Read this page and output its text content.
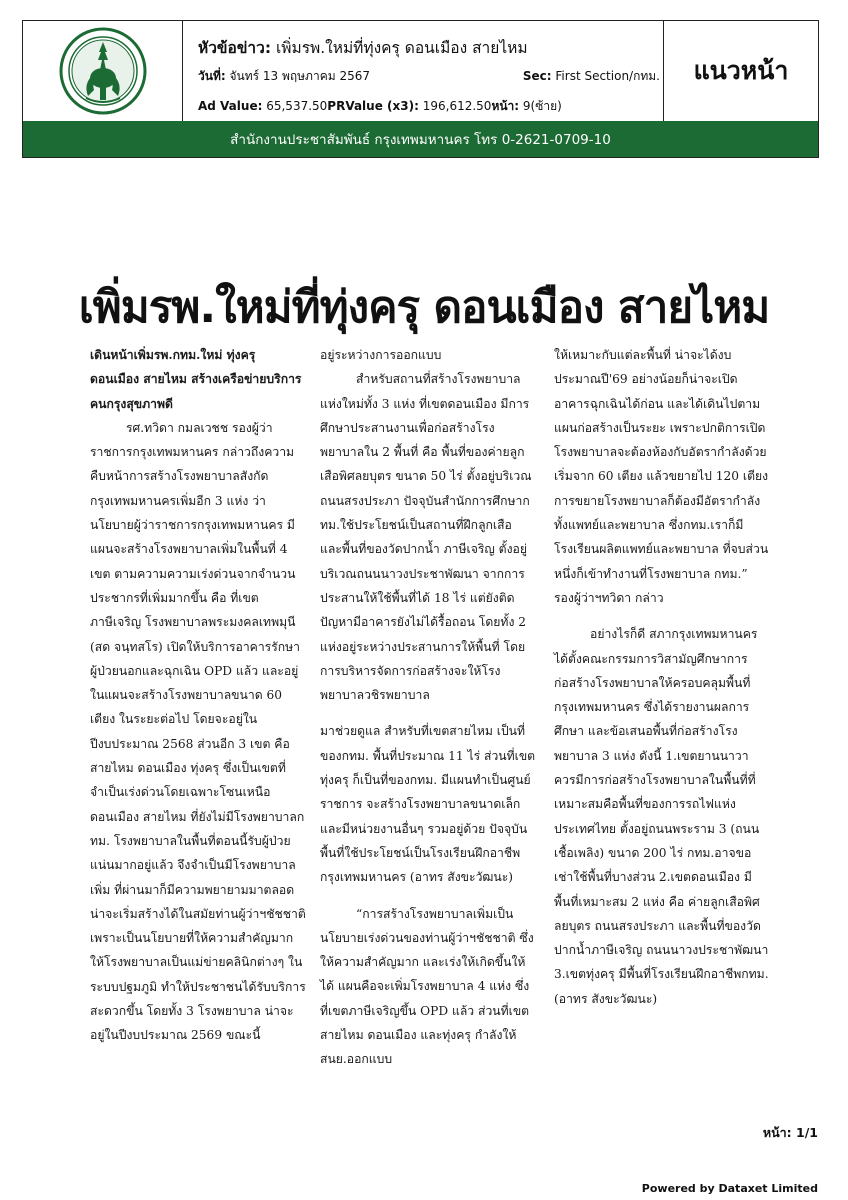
หัวข้อข่าว: เพิ่มรพ.ใหม่ที่ทุ่งครุ ดอนเมือง สายไหม
วันที่: จันทร์ 13 พฤษภาคม 2567	Sec: First Section/กทม.
Ad Value: 65,537.50PRValue (x3): 196,612.50หน้า: 9(ซ้าย)
แนวหน้า
สำนักงานประชาสัมพันธ์ กรุงเทพมหานคร โทร 0-2621-0709-10
เพิ่มรพ.ใหม่ที่ทุ่งครุ ดอนเมือง สายไหม

เดินหน้าเพิ่มรพ.กทม.ใหม่ ทุ่งครุ ดอนเมือง สายไหม สร้างเครือข่ายบริการคนกรุงสุขภาพดี

รศ.ทวิดา กมลเวชช รองผู้ว่าราชการกรุงเทพมหานคร กล่าวถึงความคืบหน้าการสร้างโรงพยาบาลสังกัดกรุงเทพมหานครเพิ่มอีก 3 แห่ง ว่า นโยบายผู้ว่าราชการกรุงเทพมหานคร มีแผนจะสร้างโรงพยาบาลเพิ่มในพื้นที่ 4 เขต ตามความความเร่งด่วนจากจำนวนประชากรที่เพิ่มมากขึ้น คือ ที่เขตภาษีเจริญ โรงพยาบาลพระมงคลเทพมุนี (สด จนฺทสโร) เปิดให้บริการอาคารรักษาผู้ป่วยนอกและฉุกเฉิน OPD แล้ว และอยู่ในแผนจะสร้างโรงพยาบาลขนาด 60 เตียง ในระยะต่อไป โดยจะอยู่ในปีงบประมาณ 2568 ส่วนอีก 3 เขต คือ สายไหม ดอนเมือง ทุ่งครุ ซึ่งเป็นเขตที่จำเป็นเร่งด่วนโดยเฉพาะโซนเหนือ ดอนเมือง สายไหม ที่ยังไม่มีโรงพยาบาลกทม. โรงพยาบาลในพื้นที่ตอนนี้รับผู้ป่วยแน่นมากอยู่แล้ว จึงจำเป็นมีโรงพยาบาลเพิ่ม ที่ผ่านมาก็มีความพยายามมาตลอด น่าจะเริ่มสร้างได้ในสมัยท่านผู้ว่าฯชัชชาติ เพราะเป็นนโยบายที่ให้ความสำคัญมาก ให้โรงพยาบาลเป็นแม่ข่ายคลินิกต่างๆ ในระบบปฐมภูมิ ทำให้ประชาชนได้รับบริการสะดวกขึ้น โดยทั้ง 3 โรงพยาบาล น่าจะอยู่ในปีงบประมาณ 2569 ขณะนี้

อยู่ระหว่างการออกแบบ

สำหรับสถานที่สร้างโรงพยาบาลแห่งใหม่ทั้ง 3 แห่ง ที่เขตดอนเมือง มีการศึกษาประสานงานเพื่อก่อสร้างโรงพยาบาลใน 2 พื้นที่ คือ พื้นที่ของค่ายลูกเสือพิศลยบุตร ขนาด 50 ไร่ ตั้งอยู่บริเวณถนนสรงประภา ปัจจุบันสำนักการศึกษากทม.ใช้ประโยชน์เป็นสถานที่ฝึกลูกเสือ และพื้นที่ของวัดปากน้ำ ภาษีเจริญ ตั้งอยู่บริเวณถนนนาวงประชาพัฒนา จากการประสานให้ใช้พื้นที่ได้ 18 ไร่ แต่ยังติดปัญหามีอาคารยังไม่ได้รื้อถอน โดยทั้ง 2 แห่งอยู่ระหว่างประสานการให้พื้นที่ โดยการบริหารจัดการก่อสร้างจะให้โรงพยาบาลวชิรพยาบาล

มาช่วยดูแล สำหรับที่เขตสายไหม เป็นที่ของกทม. พื้นที่ประมาณ 11 ไร่ ส่วนที่เขตทุ่งครุ ก็เป็นที่ของกทม. มีแผนทำเป็นศูนย์ราชการ จะสร้างโรงพยาบาลขนาดเล็ก และมีหน่วยงานอื่นๆ รวมอยู่ด้วย ปัจจุบันพื้นที่ใช้ประโยชน์เป็นโรงเรียนฝึกอาชีพกรุงเทพมหานคร (อาทร สังขะวัฒนะ)

“การสร้างโรงพยาบาลเพิ่มเป็นนโยบายเร่งด่วนของท่านผู้ว่าฯชัชชาติ ซึ่งให้ความสำคัญมาก และเร่งให้เกิดขึ้นให้ได้ แผนคือจะเพิ่มโรงพยาบาล 4 แห่ง ซึ่งที่เขตภาษีเจริญขึ้น OPD แล้ว ส่วนที่เขตสายไหม ดอนเมือง และทุ่งครุ กำลังให้ สนย.ออกแบบ

ให้เหมาะกับแต่ละพื้นที่ น่าจะได้งบประมาณปี'69 อย่างน้อยก็น่าจะเปิดอาคารฉุกเฉินได้ก่อน และได้เดินไปตามแผนก่อสร้างเป็นระยะ เพราะปกติการเปิดโรงพยาบาลจะต้องห้องกับอัตรากำลังด้วย เริ่มจาก 60 เตียง แล้วขยายไป 120 เตียง การขยายโรงพยาบาลก็ต้องมีอัตรากำลังทั้งแพทย์และพยาบาล ซึ่งกทม.เราก็มีโรงเรียนผลิตแพทย์และพยาบาล ที่จบส่วนหนึ่งก็เข้าทำงานที่โรงพยาบาล กทม.” รองผู้ว่าฯทวิดา กล่าว

อย่างไรก็ดี สภากรุงเทพมหานคร ได้ตั้งคณะกรรมการวิสามัญศึกษาการก่อสร้างโรงพยาบาลให้ครอบคลุมพื้นที่กรุงเทพมหานคร ซึ่งได้รายงานผลการศึกษา และข้อเสนอพื้นที่ก่อสร้างโรงพยาบาล 3 แห่ง ดังนี้ 1.เขตยานนาวา ควรมีการก่อสร้างโรงพยาบาลในพื้นที่ที่เหมาะสมคือพื้นที่ของการรถไฟแห่งประเทศไทย ตั้งอยู่ถนนพระราม 3 (ถนนเชื้อเพลิง) ขนาด 200 ไร่ กทม.อาจขอเช่าใช้พื้นที่บางส่วน 2.เขตดอนเมือง มีพื้นที่เหมาะสม 2 แห่ง คือ ค่ายลูกเสือพิศลยบุตร ถนนสรงประภา และพื้นที่ของวัดปากน้ำภาษีเจริญ ถนนนาวงประชาพัฒนา 3.เขตทุ่งครุ มีพื้นที่โรงเรียนฝึกอาชีพกทม. (อาทร สังขะวัฒนะ)

หน้า: 1/1
Powered by Dataxet Limited
